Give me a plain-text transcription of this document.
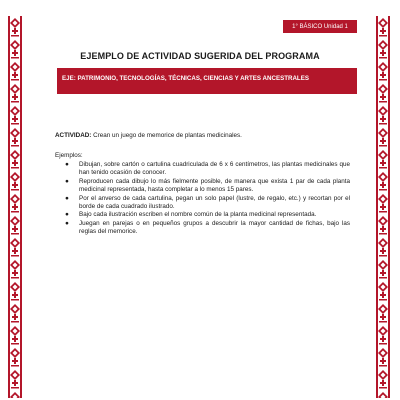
1° BÁSICO Unidad 1
EJEMPLO DE ACTIVIDAD SUGERIDA DEL PROGRAMA
EJE: PATRIMONIO, TECNOLOGÍAS, TÉCNICAS, CIENCIAS Y ARTES ANCESTRALES
ACTIVIDAD: Crean un juego de memorice de plantas medicinales.
Ejemplos:
● Dibujan, sobre cartón o cartulina cuadriculada de 6 x 6 centímetros, las plantas medicinales que han tenido ocasión de conocer.
● Reproducen cada dibujo lo más fielmente posible, de manera que exista 1 par de cada planta medicinal representada, hasta completar a lo menos 15 pares.
● Por el anverso de cada cartulina, pegan un solo papel (lustre, de regalo, etc.) y recortan por el borde de cada cuadrado ilustrado.
● Bajo cada ilustración escriben el nombre común de la planta medicinal representada.
● Juegan en parejas o en pequeños grupos a descubrir la mayor cantidad de fichas, bajo las reglas del memorice.
